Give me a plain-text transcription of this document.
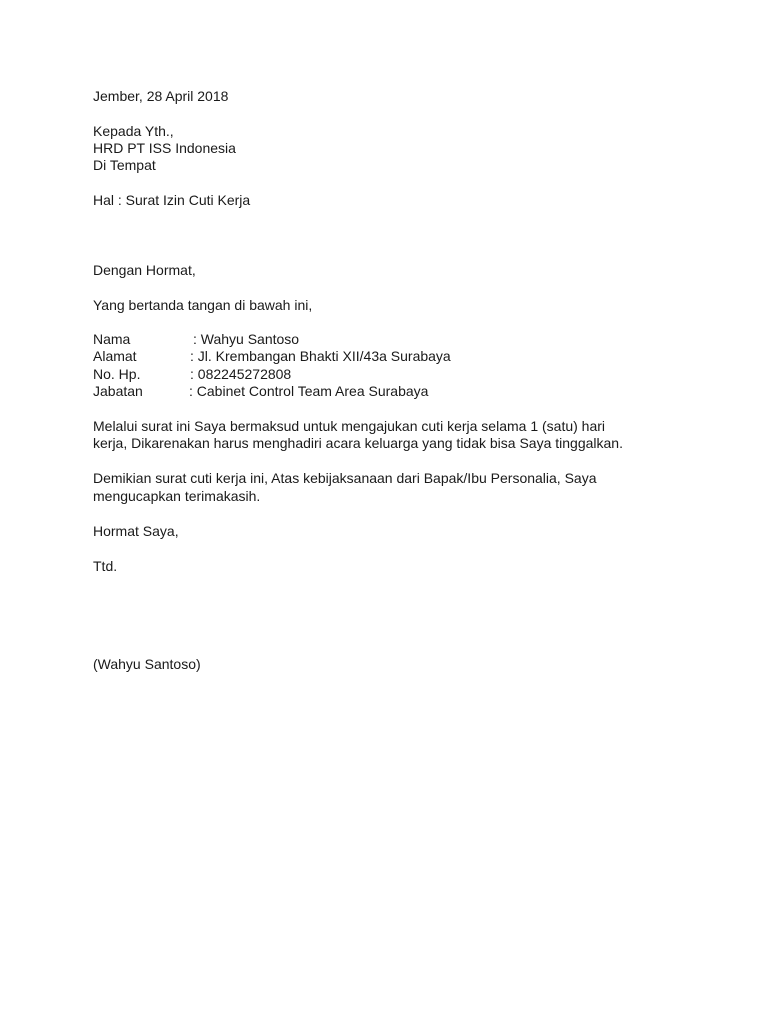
Jember, 28 April 2018
Kepada Yth.,
HRD PT ISS Indonesia
Di Tempat
Hal : Surat Izin Cuti Kerja
Dengan Hormat,
Yang bertanda tangan di bawah ini,
Nama	: Wahyu Santoso
Alamat	: Jl. Krembangan Bhakti XII/43a Surabaya
No. Hp.	: 082245272808
Jabatan	: Cabinet Control Team Area Surabaya
Melalui surat ini Saya bermaksud untuk mengajukan cuti kerja selama 1 (satu) hari
kerja, Dikarenakan harus menghadiri acara keluarga yang tidak bisa Saya tinggalkan.
Demikian surat cuti kerja ini, Atas kebijaksanaan dari Bapak/Ibu Personalia, Saya
mengucapkan terimakasih.
Hormat Saya,
Ttd.
(Wahyu Santoso)
